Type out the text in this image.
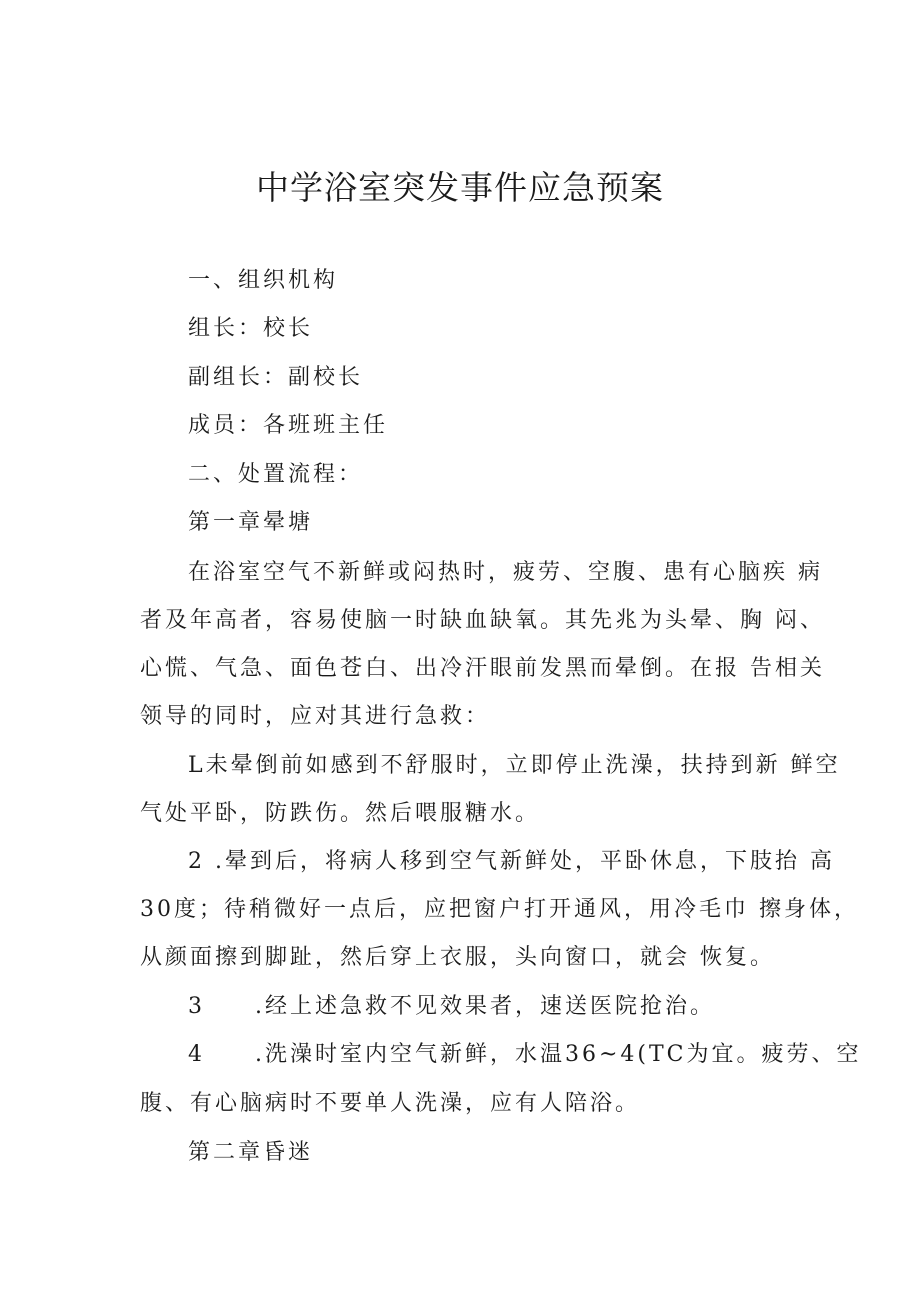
中学浴室突发事件应急预案

一、组织机构

组长：校长

副组长：副校长

成员：各班班主任

二、处置流程：

第一章晕塘

在浴室空气不新鲜或闷热时，疲劳、空腹、患有心脑疾 病

者及年高者，容易使脑一时缺血缺氧。其先兆为头晕、胸 闷、

心慌、气急、面色苍白、出冷汗眼前发黑而晕倒。在报 告相关

领导的同时，应对其进行急救：

L未晕倒前如感到不舒服时，立即停止洗澡，扶持到新 鲜空

气处平卧，防跌伤。然后喂服糖水。

2 .晕到后，将病人移到空气新鲜处，平卧休息，下肢抬 高

30度；待稍微好一点后，应把窗户打开通风，用冷毛巾 擦身体，

从颜面擦到脚趾，然后穿上衣服，头向窗口，就会 恢复。

3 .经上述急救不见效果者，速送医院抢治。

4 .洗澡时室内空气新鲜，水温36~4(TC为宜。疲劳、空

腹、有心脑病时不要单人洗澡，应有人陪浴。

第二章昏迷
